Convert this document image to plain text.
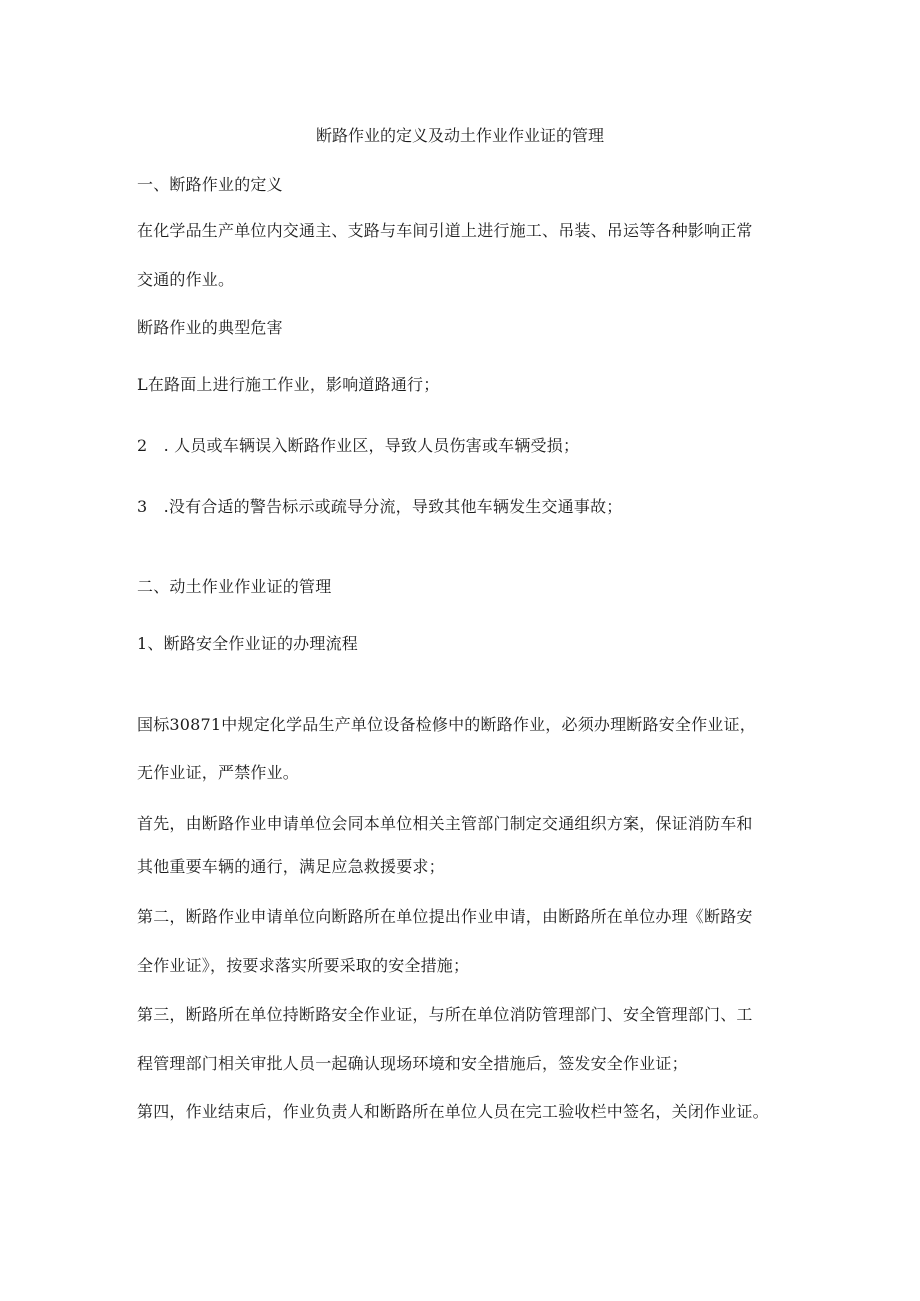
断路作业的定义及动土作业作业证的管理
一、断路作业的定义
在化学品生产单位内交通主、支路与车间引道上进行施工、吊装、吊运等各种影响正常
交通的作业。
断路作业的典型危害
L在路面上进行施工作业，影响道路通行；
2　. 人员或车辆误入断路作业区，导致人员伤害或车辆受损；
3　.没有合适的警告标示或疏导分流，导致其他车辆发生交通事故；
二、动土作业作业证的管理
1、断路安全作业证的办理流程
国标30871中规定化学品生产单位设备检修中的断路作业，必须办理断路安全作业证，
无作业证，严禁作业。
首先，由断路作业申请单位会同本单位相关主管部门制定交通组织方案，保证消防车和
其他重要车辆的通行，满足应急救援要求；
第二，断路作业申请单位向断路所在单位提出作业申请，由断路所在单位办理《断路安
全作业证》，按要求落实所要采取的安全措施；
第三，断路所在单位持断路安全作业证，与所在单位消防管理部门、安全管理部门、工
程管理部门相关审批人员一起确认现场环境和安全措施后，签发安全作业证；
第四，作业结束后，作业负责人和断路所在单位人员在完工验收栏中签名，关闭作业证。
